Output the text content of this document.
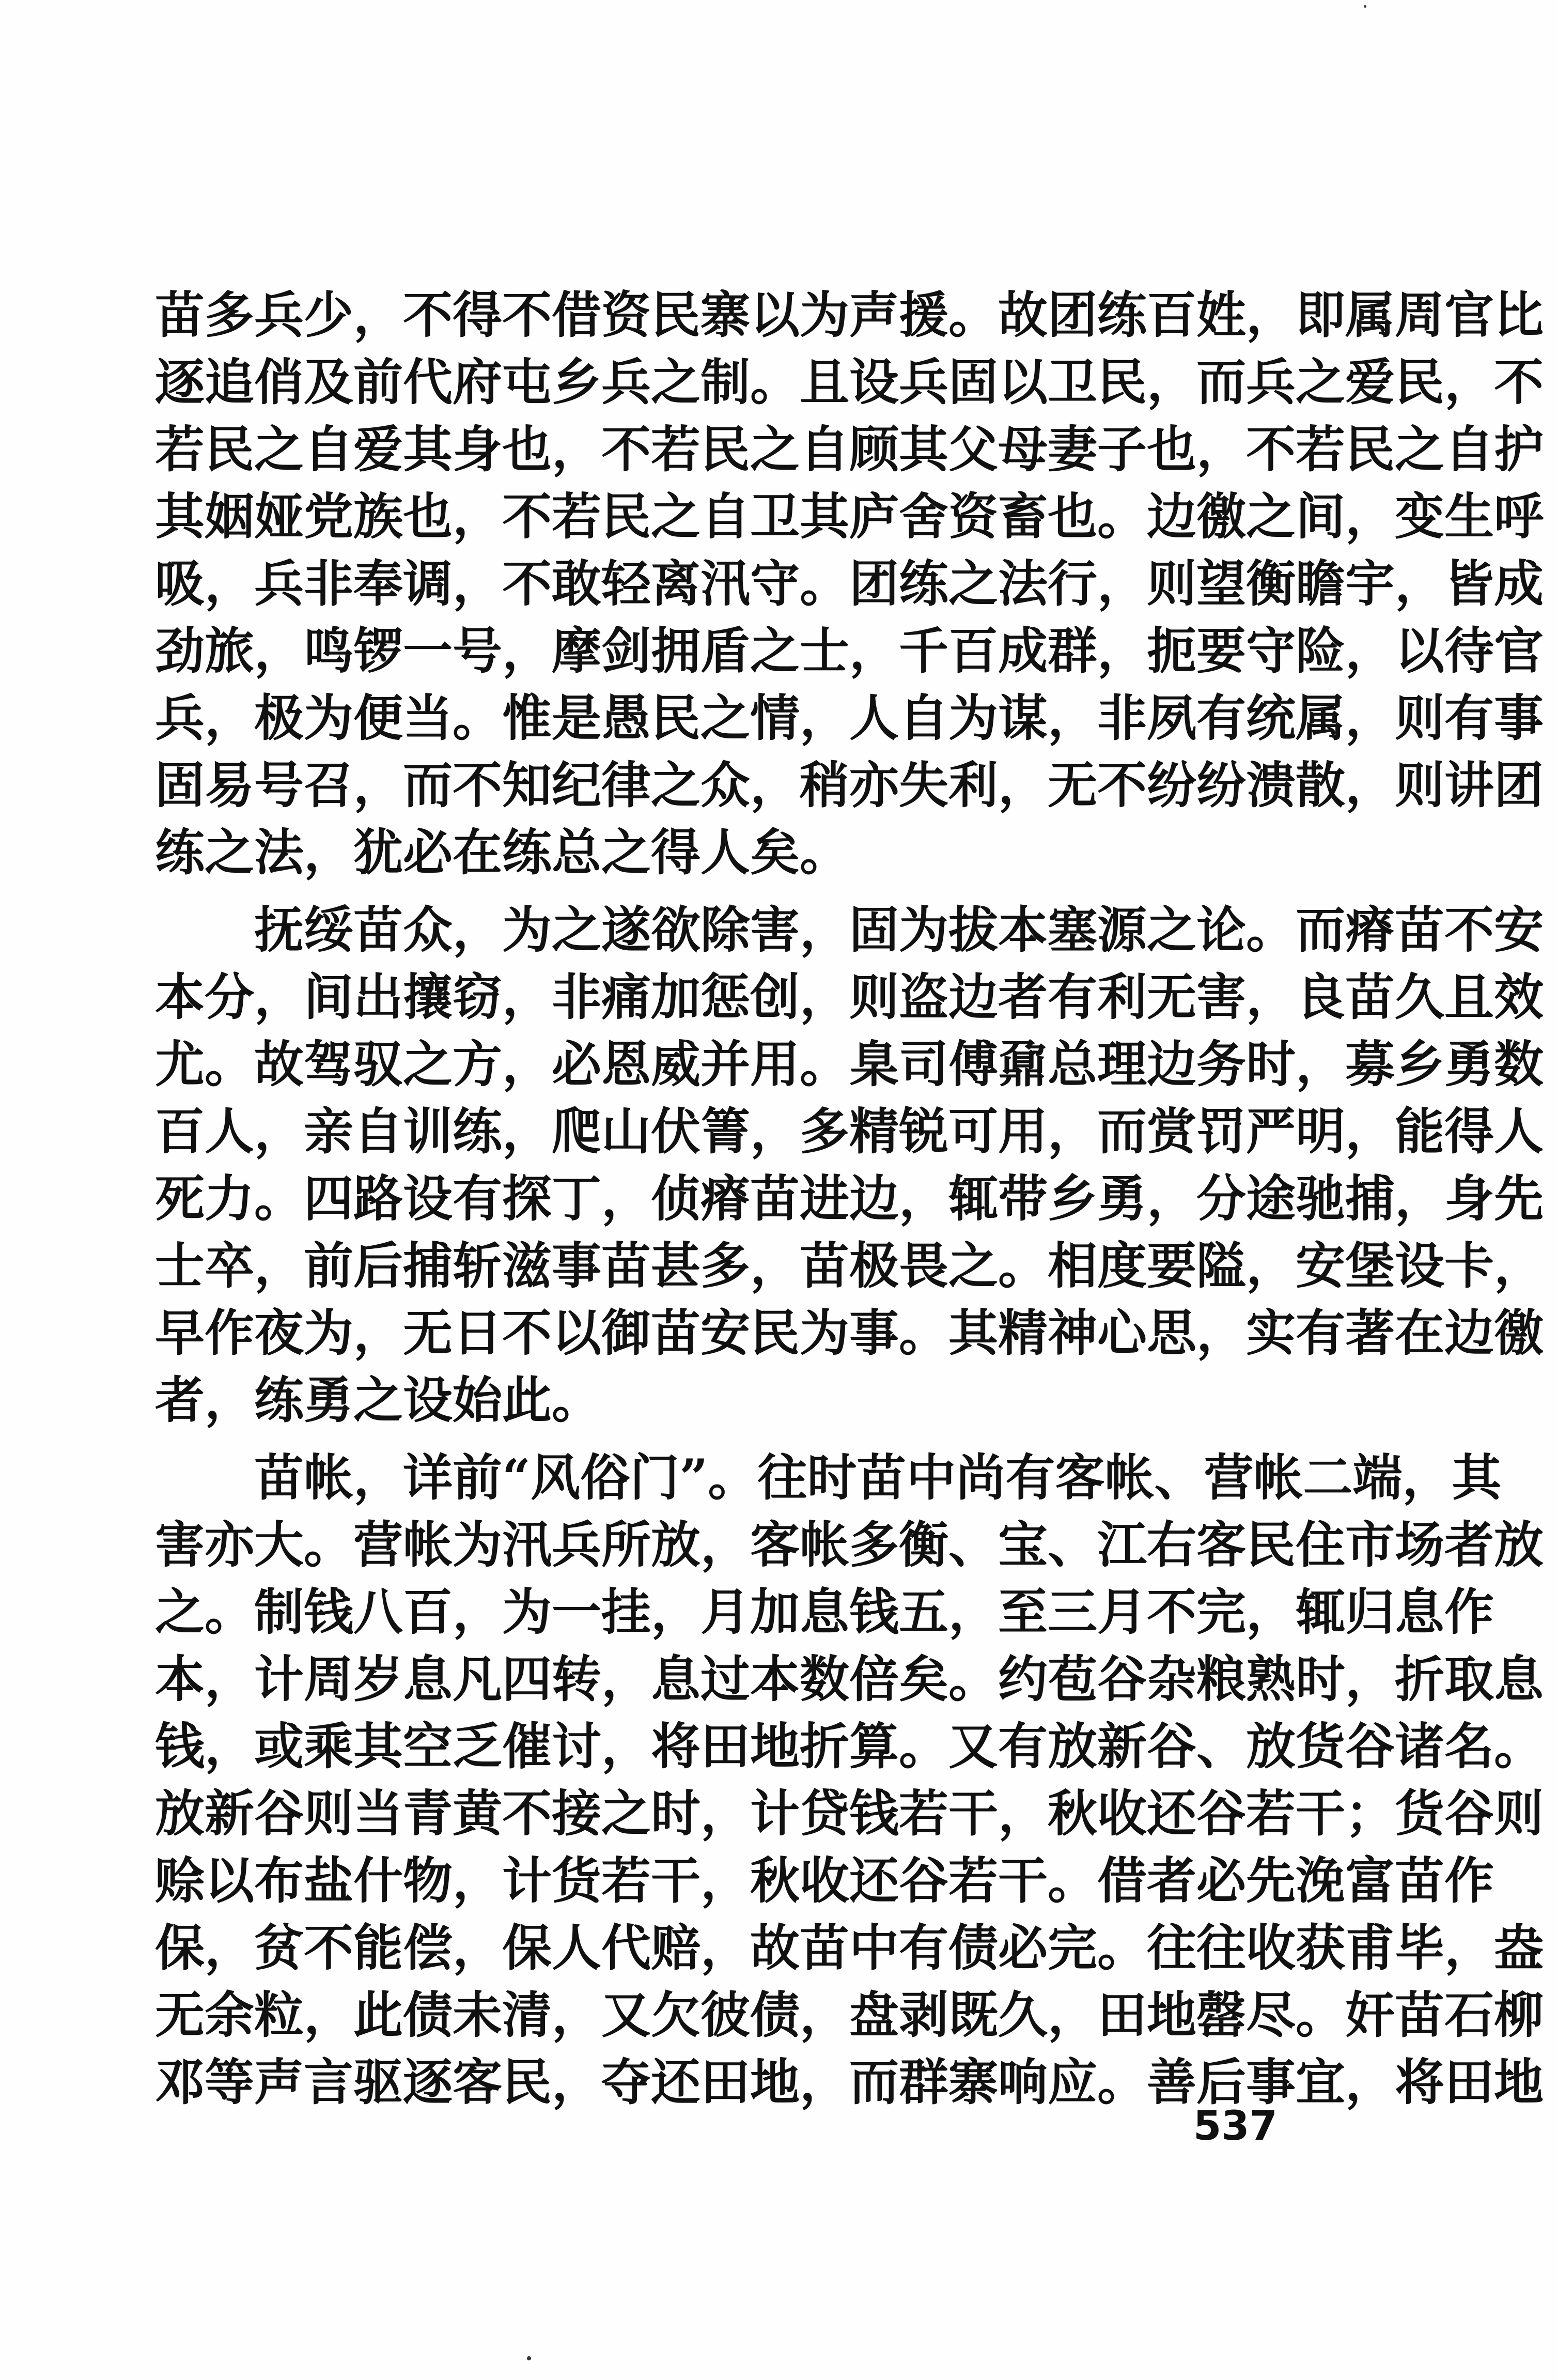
苗多兵少，不得不借资民寨以为声援。故团练百姓，即属周官比
逐追俏及前代府屯乡兵之制。且设兵固以卫民，而兵之爱民，不
若民之自爱其身也，不若民之自顾其父母妻子也，不若民之自护
其姻娅党族也，不若民之自卫其庐舍资畜也。边徼之间，变生呼
吸，兵非奉调，不敢轻离汛守。团练之法行，则望衡瞻宇，皆成
劲旅，鸣锣一号，摩剑拥盾之士，千百成群，扼要守险，以待官
兵，极为便当。惟是愚民之情，人自为谋，非夙有统属，则有事
固易号召，而不知纪律之众，稍亦失利，无不纷纷溃散，则讲团
练之法，犹必在练总之得人矣。
　　抚绥苗众，为之遂欲除害，固为拔本塞源之论。而瘠苗不安
本分，间出攘窃，非痛加惩创，则盗边者有利无害，良苗久且效
尤。故驾驭之方，必恩威并用。臬司傅鼐总理边务时，募乡勇数
百人，亲自训练，爬山伏箐，多精锐可用，而赏罚严明，能得人
死力。四路设有探丁，侦瘠苗进边，辄带乡勇，分途驰捕，身先
士卒，前后捕斩滋事苗甚多，苗极畏之。相度要隘，安堡设卡，
早作夜为，无日不以御苗安民为事。其精神心思，实有著在边徼
者，练勇之设始此。
　　苗帐，详前“风俗门”。往时苗中尚有客帐、营帐二端，其
害亦大。营帐为汛兵所放，客帐多衡、宝、江右客民住市场者放
之。制钱八百，为一挂，月加息钱五，至三月不完，辄归息作
本，计周岁息凡四转，息过本数倍矣。约苞谷杂粮熟时，折取息
钱，或乘其空乏催讨，将田地折算。又有放新谷、放货谷诸名。
放新谷则当青黄不接之时，计贷钱若干，秋收还谷若干；货谷则
赊以布盐什物，计货若干，秋收还谷若干。借者必先浼富苗作
保，贫不能偿，保人代赔，故苗中有债必完。往往收获甫毕，盎
无余粒，此债未清，又欠彼债，盘剥既久，田地罄尽。奸苗石柳
邓等声言驱逐客民，夺还田地，而群寨响应。善后事宜，将田地
537
